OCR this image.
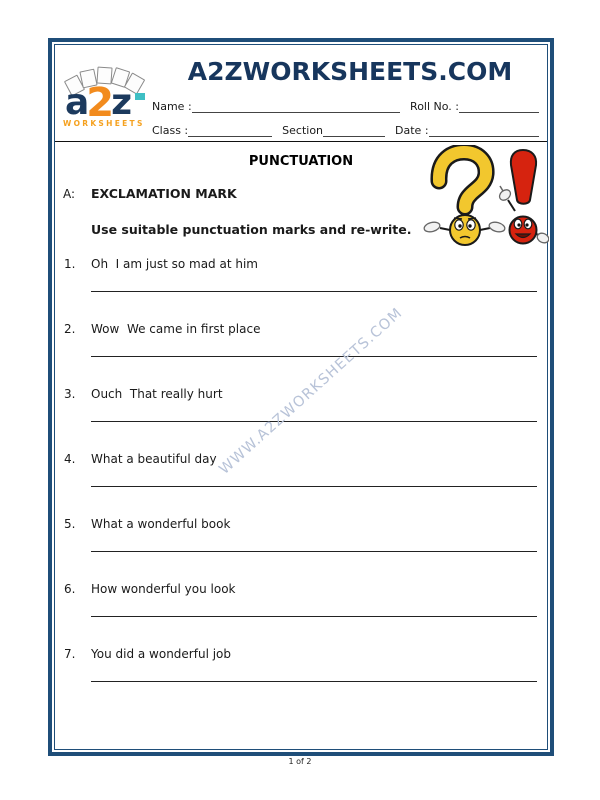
a2z
WORKSHEETS
A2ZWORKSHEETS.COM
Name :	Roll No. :
Class :	Section	Date :
PUNCTUATION
A: EXCLAMATION MARK
Use suitable punctuation marks and re-write.
1. Oh  I am just so mad at him
2. Wow  We came in first place
3. Ouch  That really hurt
4. What a beautiful day
5. What a wonderful book
6. How wonderful you look
7. You did a wonderful job
WWW.A2ZWORKSHEETS.COM
1 of 2
